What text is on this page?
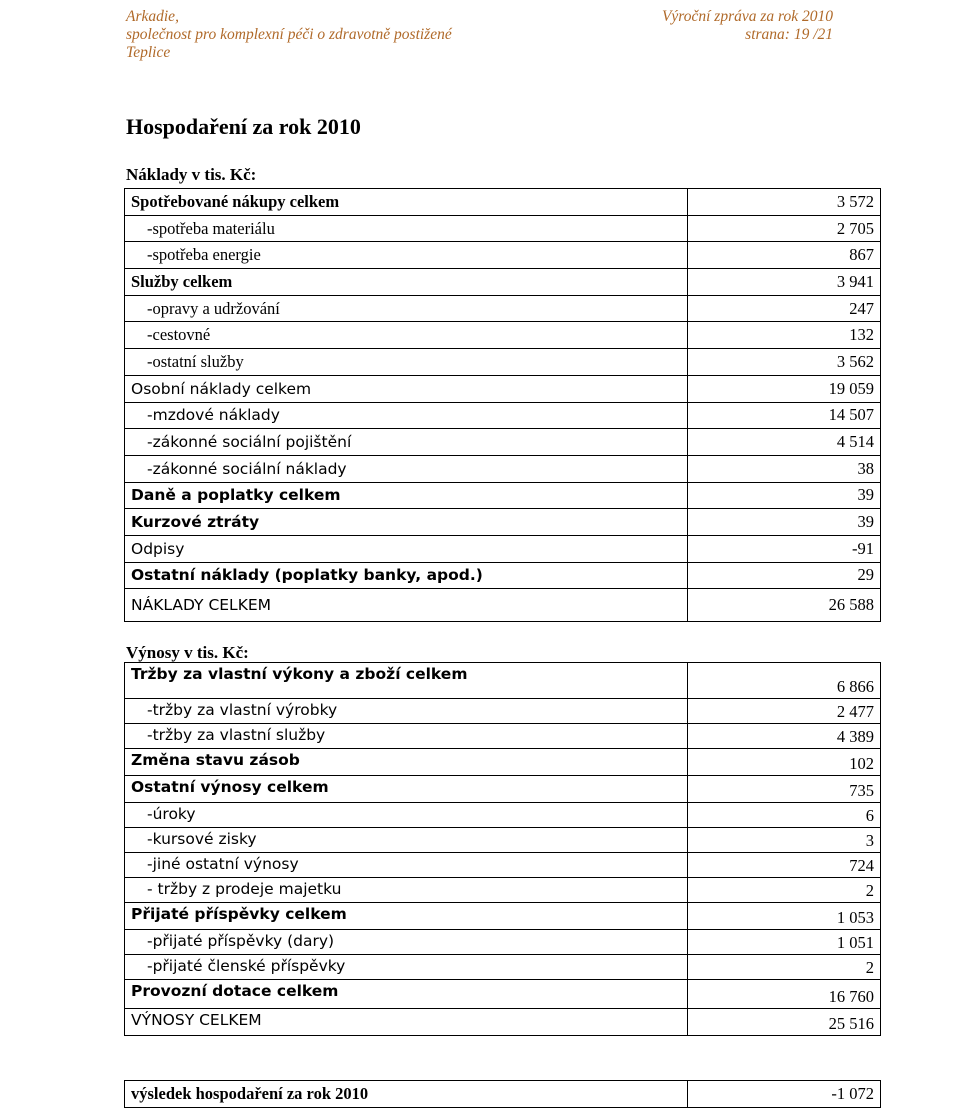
Arkadie,
společnost pro komplexní péči o zdravotně postižené
Teplice
Výroční zpráva za rok 2010
strana: 19 /21
Hospodaření za rok 2010
Náklady v tis. Kč:
Spotřebované nákupy celkem	3 572
-spotřeba materiálu	2 705
-spotřeba energie	867
Služby celkem	3 941
-opravy a udržování	247
-cestovné	132
-ostatní služby	3 562
Osobní náklady celkem	19 059
-mzdové náklady	14 507
-zákonné sociální pojištění	4 514
-zákonné sociální náklady	38
Daně a poplatky celkem	39
Kurzové ztráty	39
Odpisy	-91
Ostatní náklady (poplatky banky, apod.)	29
NÁKLADY CELKEM	26 588
Výnosy v tis. Kč:
Tržby za vlastní výkony a zboží celkem	6 866
-tržby za vlastní výrobky	2 477
-tržby za vlastní služby	4 389
Změna stavu zásob	102
Ostatní výnosy celkem	735
-úroky	6
-kursové zisky	3
-jiné ostatní výnosy	724
- tržby z prodeje majetku	2
Přijaté příspěvky celkem	1 053
-přijaté příspěvky (dary)	1 051
-přijaté členské příspěvky	2
Provozní dotace celkem	16 760
VÝNOSY CELKEM	25 516
výsledek hospodaření za rok 2010	-1 072
